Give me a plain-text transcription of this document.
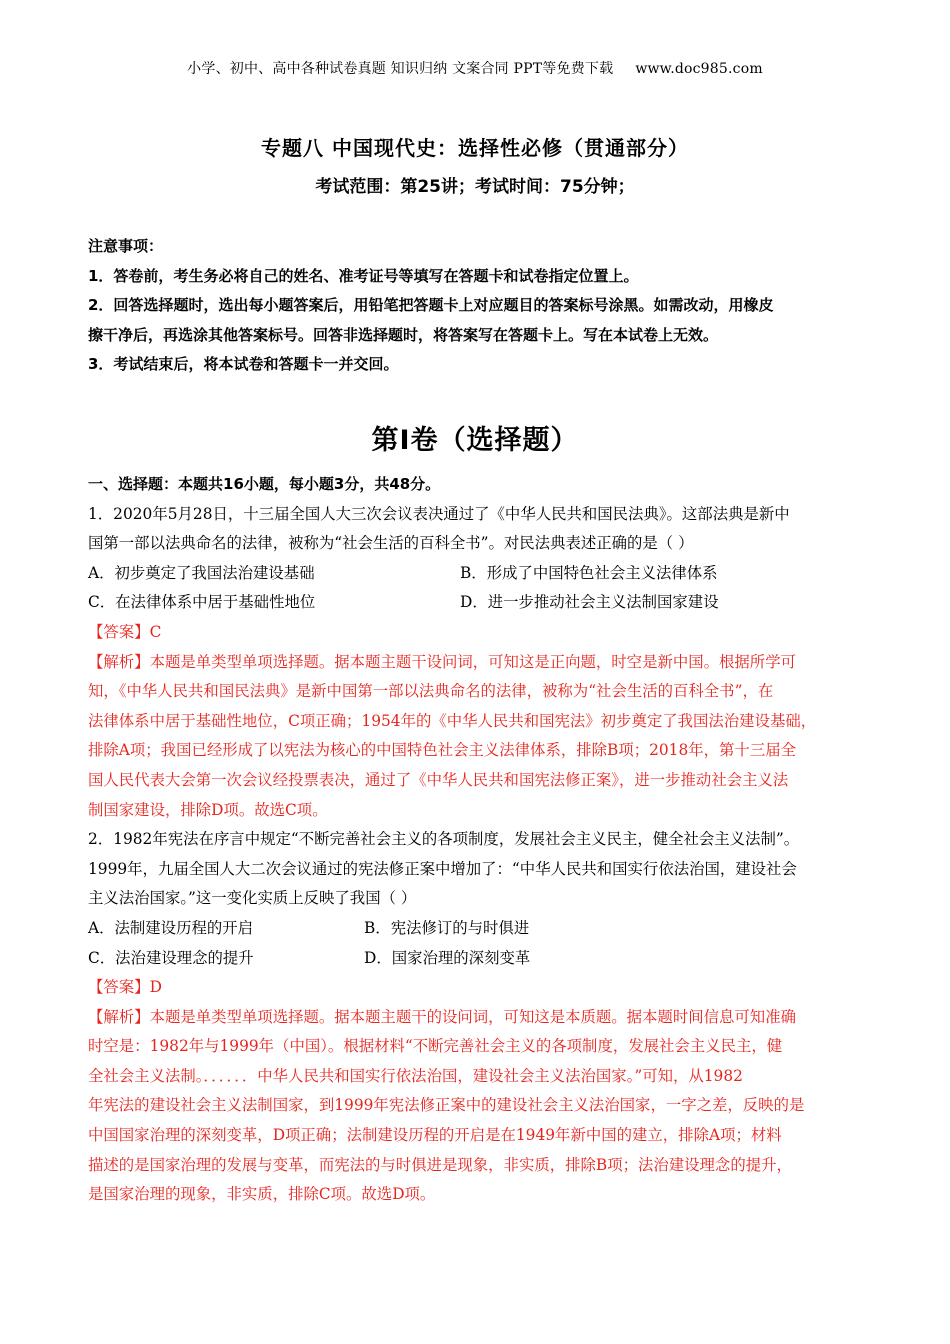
小学、初中、高中各种试卷真题 知识归纳 文案合同 PPT等免费下载 www.doc985.com
专题八 中国现代史：选择性必修（贯通部分）
考试范围：第25讲；考试时间：75分钟；

注意事项：

1．答卷前，考生务必将自己的姓名、准考证号等填写在答题卡和试卷指定位置上。

2．回答选择题时，选出每小题答案后，用铅笔把答题卡上对应题目的答案标号涂黑。如需改动，用橡皮

擦干净后，再选涂其他答案标号。回答非选择题时，将答案写在答题卡上。写在本试卷上无效。

3．考试结束后，将本试卷和答题卡一并交回。

第I卷（选择题）

一、选择题：本题共16小题，每小题3分，共48分。

1．2020年5月28日，十三届全国人大三次会议表决通过了《中华人民共和国民法典》。这部法典是新中

国第一部以法典命名的法律，被称为“社会生活的百科全书”。对民法典表述正确的是（ ）

A．初步奠定了我国法治建设基础	B．形成了中国特色社会主义法律体系
C．在法律体系中居于基础性地位	D．进一步推动社会主义法制国家建设

【答案】C

【解析】本题是单类型单项选择题。据本题主题干设问词，可知这是正向题，时空是新中国。根据所学可

知，《中华人民共和国民法典》是新中国第一部以法典命名的法律，被称为“社会生活的百科全书”，在

法律体系中居于基础性地位，C项正确；1954年的《中华人民共和国宪法》初步奠定了我国法治建设基础，

排除A项；我国已经形成了以宪法为核心的中国特色社会主义法律体系，排除B项；2018年，第十三届全

国人民代表大会第一次会议经投票表决，通过了《中华人民共和国宪法修正案》，进一步推动社会主义法

制国家建设，排除D项。故选C项。

2．1982年宪法在序言中规定“不断完善社会主义的各项制度，发展社会主义民主，健全社会主义法制”。

1999年，九届全国人大二次会议通过的宪法修正案中增加了：“中华人民共和国实行依法治国，建设社会

主义法治国家。”这一变化实质上反映了我国（ ）

A．法制建设历程的开启	B．宪法修订的与时俱进
C．法治建设理念的提升	D．国家治理的深刻变革

【答案】D

【解析】本题是单类型单项选择题。据本题主题干的设问词，可知这是本质题。据本题时间信息可知准确

时空是：1982年与1999年（中国）。根据材料“不断完善社会主义的各项制度，发展社会主义民主，健

全社会主义法制。．．．．．．中华人民共和国实行依法治国，建设社会主义法治国家。”可知，从1982

年宪法的建设社会主义法制国家，到1999年宪法修正案中的建设社会主义法治国家，一字之差，反映的是

中国国家治理的深刻变革，D项正确；法制建设历程的开启是在1949年新中国的建立，排除A项；材料

描述的是国家治理的发展与变革，而宪法的与时俱进是现象，非实质，排除B项；法治建设理念的提升，

是国家治理的现象，非实质，排除C项。故选D项。
